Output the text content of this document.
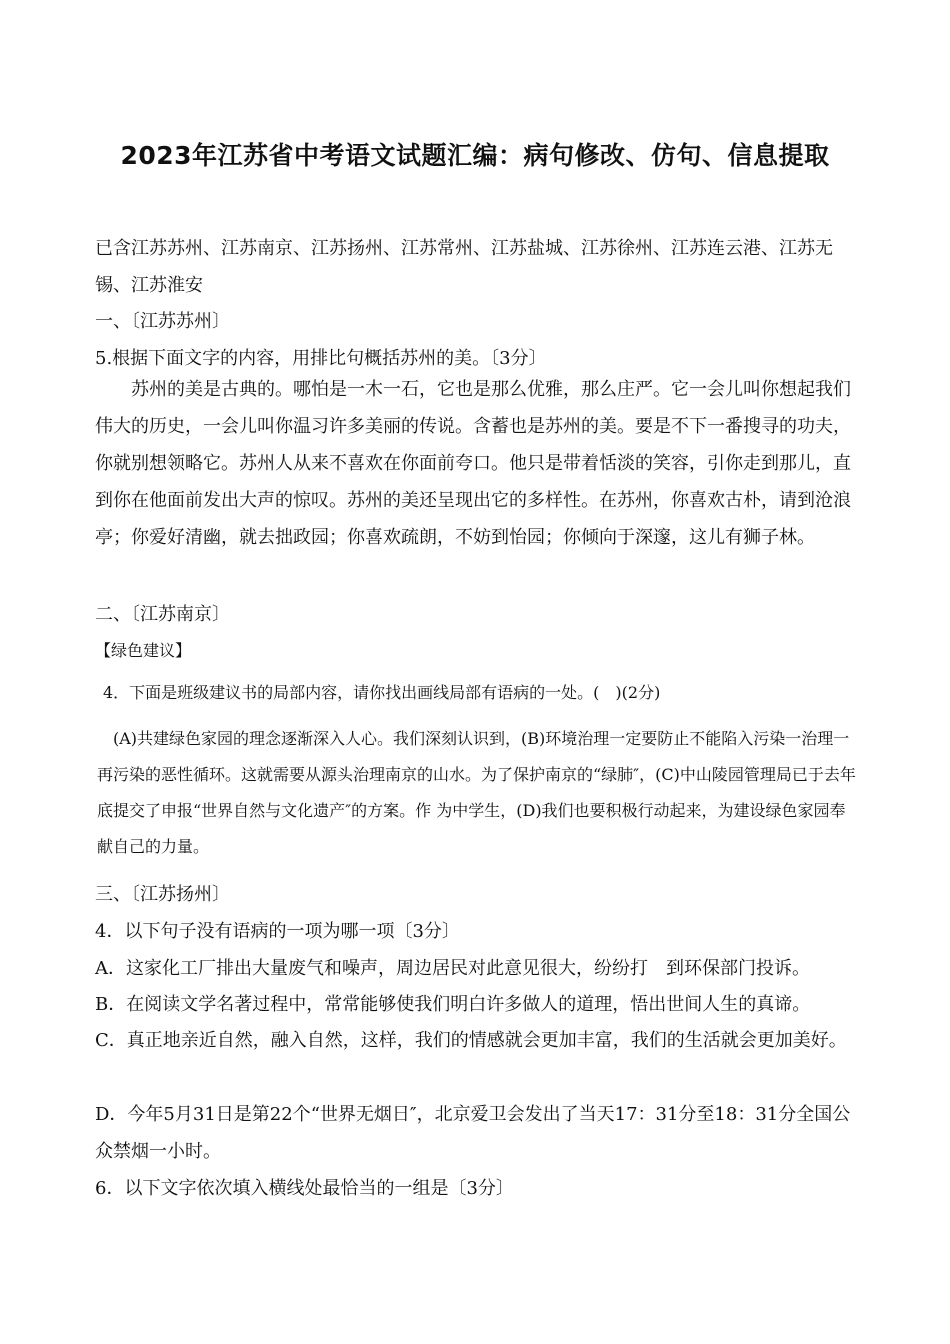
2023年江苏省中考语文试题汇编：病句修改、仿句、信息提取

已含江苏苏州、江苏南京、江苏扬州、江苏常州、江苏盐城、江苏徐州、江苏连云港、江苏无锡、江苏淮安

一、〔江苏苏州〕

5.根据下面文字的内容，用排比句概括苏州的美。〔3分〕

苏州的美是古典的。哪怕是一木一石，它也是那么优雅，那么庄严。它一会儿叫你想起我们伟大的历史，一会儿叫你温习许多美丽的传说。含蓄也是苏州的美。要是不下一番搜寻的功夫，你就别想领略它。苏州人从来不喜欢在你面前夸口。他只是带着恬淡的笑容，引你走到那儿，直到你在他面前发出大声的惊叹。苏州的美还呈现出它的多样性。在苏州，你喜欢古朴，请到沧浪亭；你爱好清幽，就去拙政园；你喜欢疏朗，不妨到怡园；你倾向于深邃，这儿有狮子林。

二、〔江苏南京〕

【绿色建议】

4．下面是班级建议书的局部内容，请你找出画线局部有语病的一处。(　)(2分)

(A)共建绿色家园的理念逐渐深入人心。我们深刻认识到，(B)环境治理一定要防止不能陷入污染一治理一再污染的恶性循环。这就需要从源头治理南京的山水。为了保护南京的“绿肺″，(C)中山陵园管理局已于去年底提交了申报“世界自然与文化遗产″的方案。作 为中学生，(D)我们也要积极行动起来，为建设绿色家园奉献自己的力量。

三、〔江苏扬州〕

4．以下句子没有语病的一项为哪一项〔3分〕

A．这家化工厂排出大量废气和噪声，周边居民对此意见很大，纷纷打　到环保部门投诉。

B．在阅读文学名著过程中，常常能够使我们明白许多做人的道理，悟出世间人生的真谛。

C．真正地亲近自然，融入自然，这样，我们的情感就会更加丰富，我们的生活就会更加美好。

D．今年5月31日是第22个“世界无烟日″，北京爱卫会发出了当天17：31分至18：31分全国公众禁烟一小时。

6．以下文字依次填入横线处最恰当的一组是〔3分〕
